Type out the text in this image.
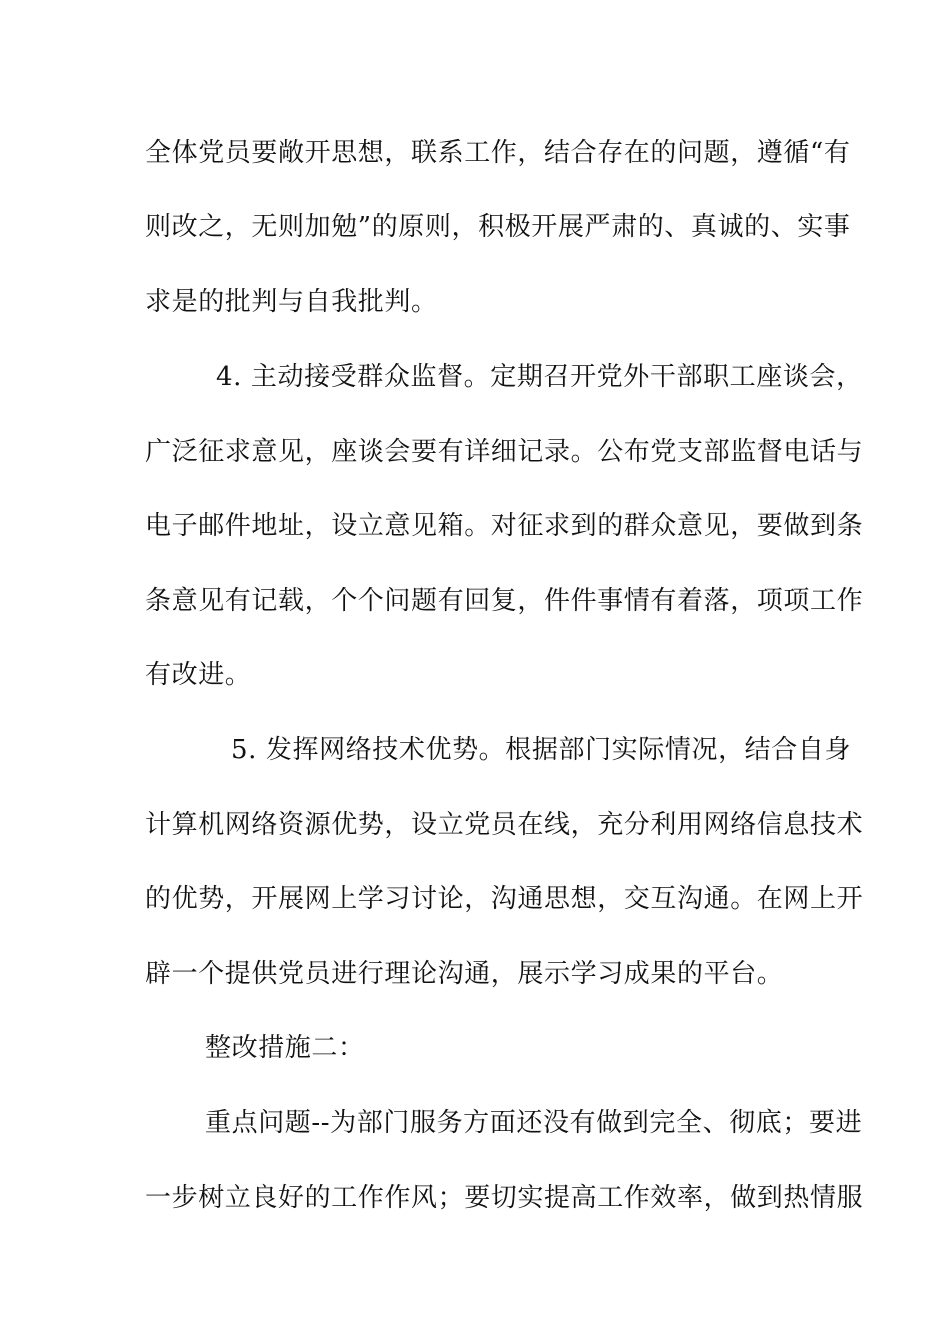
全体党员要敞开思想，联系工作，结合存在的问题，遵循“有
则改之，无则加勉”的原则，积极开展严肃的、真诚的、实事
求是的批判与自我批判。
4. 主动接受群众监督。定期召开党外干部职工座谈会，
广泛征求意见，座谈会要有详细记录。公布党支部监督电话与
电子邮件地址，设立意见箱。对征求到的群众意见，要做到条
条意见有记载，个个问题有回复，件件事情有着落，项项工作
有改进。
5. 发挥网络技术优势。根据部门实际情况，结合自身
计算机网络资源优势，设立党员在线，充分利用网络信息技术
的优势，开展网上学习讨论，沟通思想，交互沟通。在网上开
辟一个提供党员进行理论沟通，展示学习成果的平台。
整改措施二：
重点问题--为部门服务方面还没有做到完全、彻底；要进
一步树立良好的工作作风；要切实提高工作效率，做到热情服
